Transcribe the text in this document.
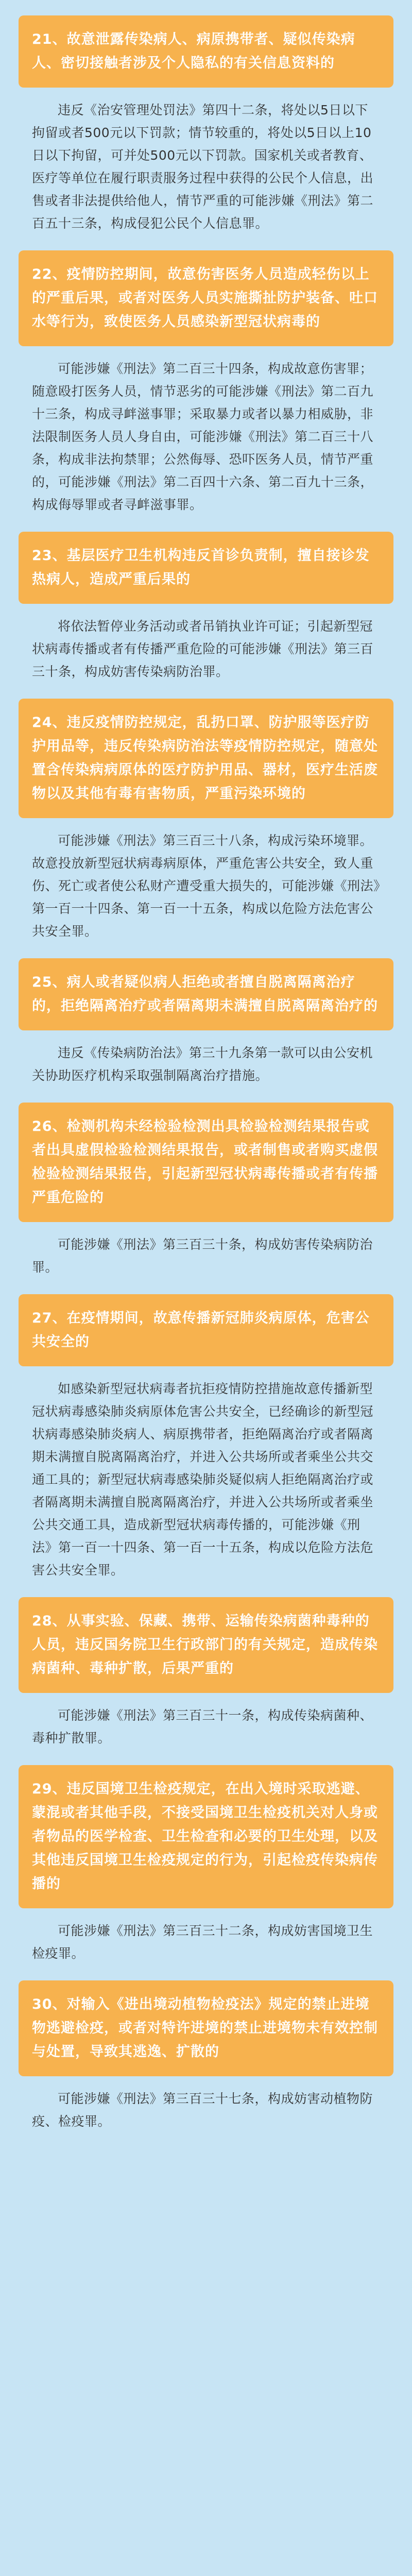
21、故意泄露传染病人、病原携带者、疑似传染病人、密切接触者涉及个人隐私的有关信息资料的
违反《治安管理处罚法》第四十二条，将处以5日以下拘留或者500元以下罚款；情节较重的，将处以5日以上10日以下拘留，可并处500元以下罚款。国家机关或者教育、医疗等单位在履行职责服务过程中获得的公民个人信息，出售或者非法提供给他人，情节严重的可能涉嫌《刑法》第二百五十三条，构成侵犯公民个人信息罪。
22、疫情防控期间，故意伤害医务人员造成轻伤以上的严重后果，或者对医务人员实施撕扯防护装备、吐口水等行为，致使医务人员感染新型冠状病毒的
可能涉嫌《刑法》第二百三十四条，构成故意伤害罪；随意殴打医务人员，情节恶劣的可能涉嫌《刑法》第二百九十三条，构成寻衅滋事罪；采取暴力或者以暴力相威胁，非法限制医务人员人身自由，可能涉嫌《刑法》第二百三十八条，构成非法拘禁罪；公然侮辱、恐吓医务人员，情节严重的，可能涉嫌《刑法》第二百四十六条、第二百九十三条，构成侮辱罪或者寻衅滋事罪。
23、基层医疗卫生机构违反首诊负责制，擅自接诊发热病人，造成严重后果的
将依法暂停业务活动或者吊销执业许可证；引起新型冠状病毒传播或者有传播严重危险的可能涉嫌《刑法》第三百三十条，构成妨害传染病防治罪。
24、违反疫情防控规定，乱扔口罩、防护服等医疗防护用品等，违反传染病防治法等疫情防控规定，随意处置含传染病病原体的医疗防护用品、器材，医疗生活废物以及其他有毒有害物质，严重污染环境的
可能涉嫌《刑法》第三百三十八条，构成污染环境罪。故意投放新型冠状病毒病原体，严重危害公共安全，致人重伤、死亡或者使公私财产遭受重大损失的，可能涉嫌《刑法》第一百一十四条、第一百一十五条，构成以危险方法危害公共安全罪。
25、病人或者疑似病人拒绝或者擅自脱离隔离治疗的，拒绝隔离治疗或者隔离期未满擅自脱离隔离治疗的
违反《传染病防治法》第三十九条第一款可以由公安机关协助医疗机构采取强制隔离治疗措施。
26、检测机构未经检验检测出具检验检测结果报告或者出具虚假检验检测结果报告，或者制售或者购买虚假检验检测结果报告，引起新型冠状病毒传播或者有传播严重危险的
可能涉嫌《刑法》第三百三十条，构成妨害传染病防治罪。
27、在疫情期间，故意传播新冠肺炎病原体，危害公共安全的
如感染新型冠状病毒者抗拒疫情防控措施故意传播新型冠状病毒感染肺炎病原体危害公共安全，已经确诊的新型冠状病毒感染肺炎病人、病原携带者，拒绝隔离治疗或者隔离期未满擅自脱离隔离治疗，并进入公共场所或者乘坐公共交通工具的；新型冠状病毒感染肺炎疑似病人拒绝隔离治疗或者隔离期未满擅自脱离隔离治疗，并进入公共场所或者乘坐公共交通工具，造成新型冠状病毒传播的，可能涉嫌《刑法》第一百一十四条、第一百一十五条，构成以危险方法危害公共安全罪。
28、从事实验、保藏、携带、运输传染病菌种毒种的人员，违反国务院卫生行政部门的有关规定，造成传染病菌种、毒种扩散，后果严重的
可能涉嫌《刑法》第三百三十一条，构成传染病菌种、毒种扩散罪。
29、违反国境卫生检疫规定，在出入境时采取逃避、蒙混或者其他手段，不接受国境卫生检疫机关对人身或者物品的医学检查、卫生检查和必要的卫生处理，以及其他违反国境卫生检疫规定的行为，引起检疫传染病传播的
可能涉嫌《刑法》第三百三十二条，构成妨害国境卫生检疫罪。
30、对输入《进出境动植物检疫法》规定的禁止进境物逃避检疫，或者对特许进境的禁止进境物未有效控制与处置，导致其逃逸、扩散的
可能涉嫌《刑法》第三百三十七条，构成妨害动植物防疫、检疫罪。
